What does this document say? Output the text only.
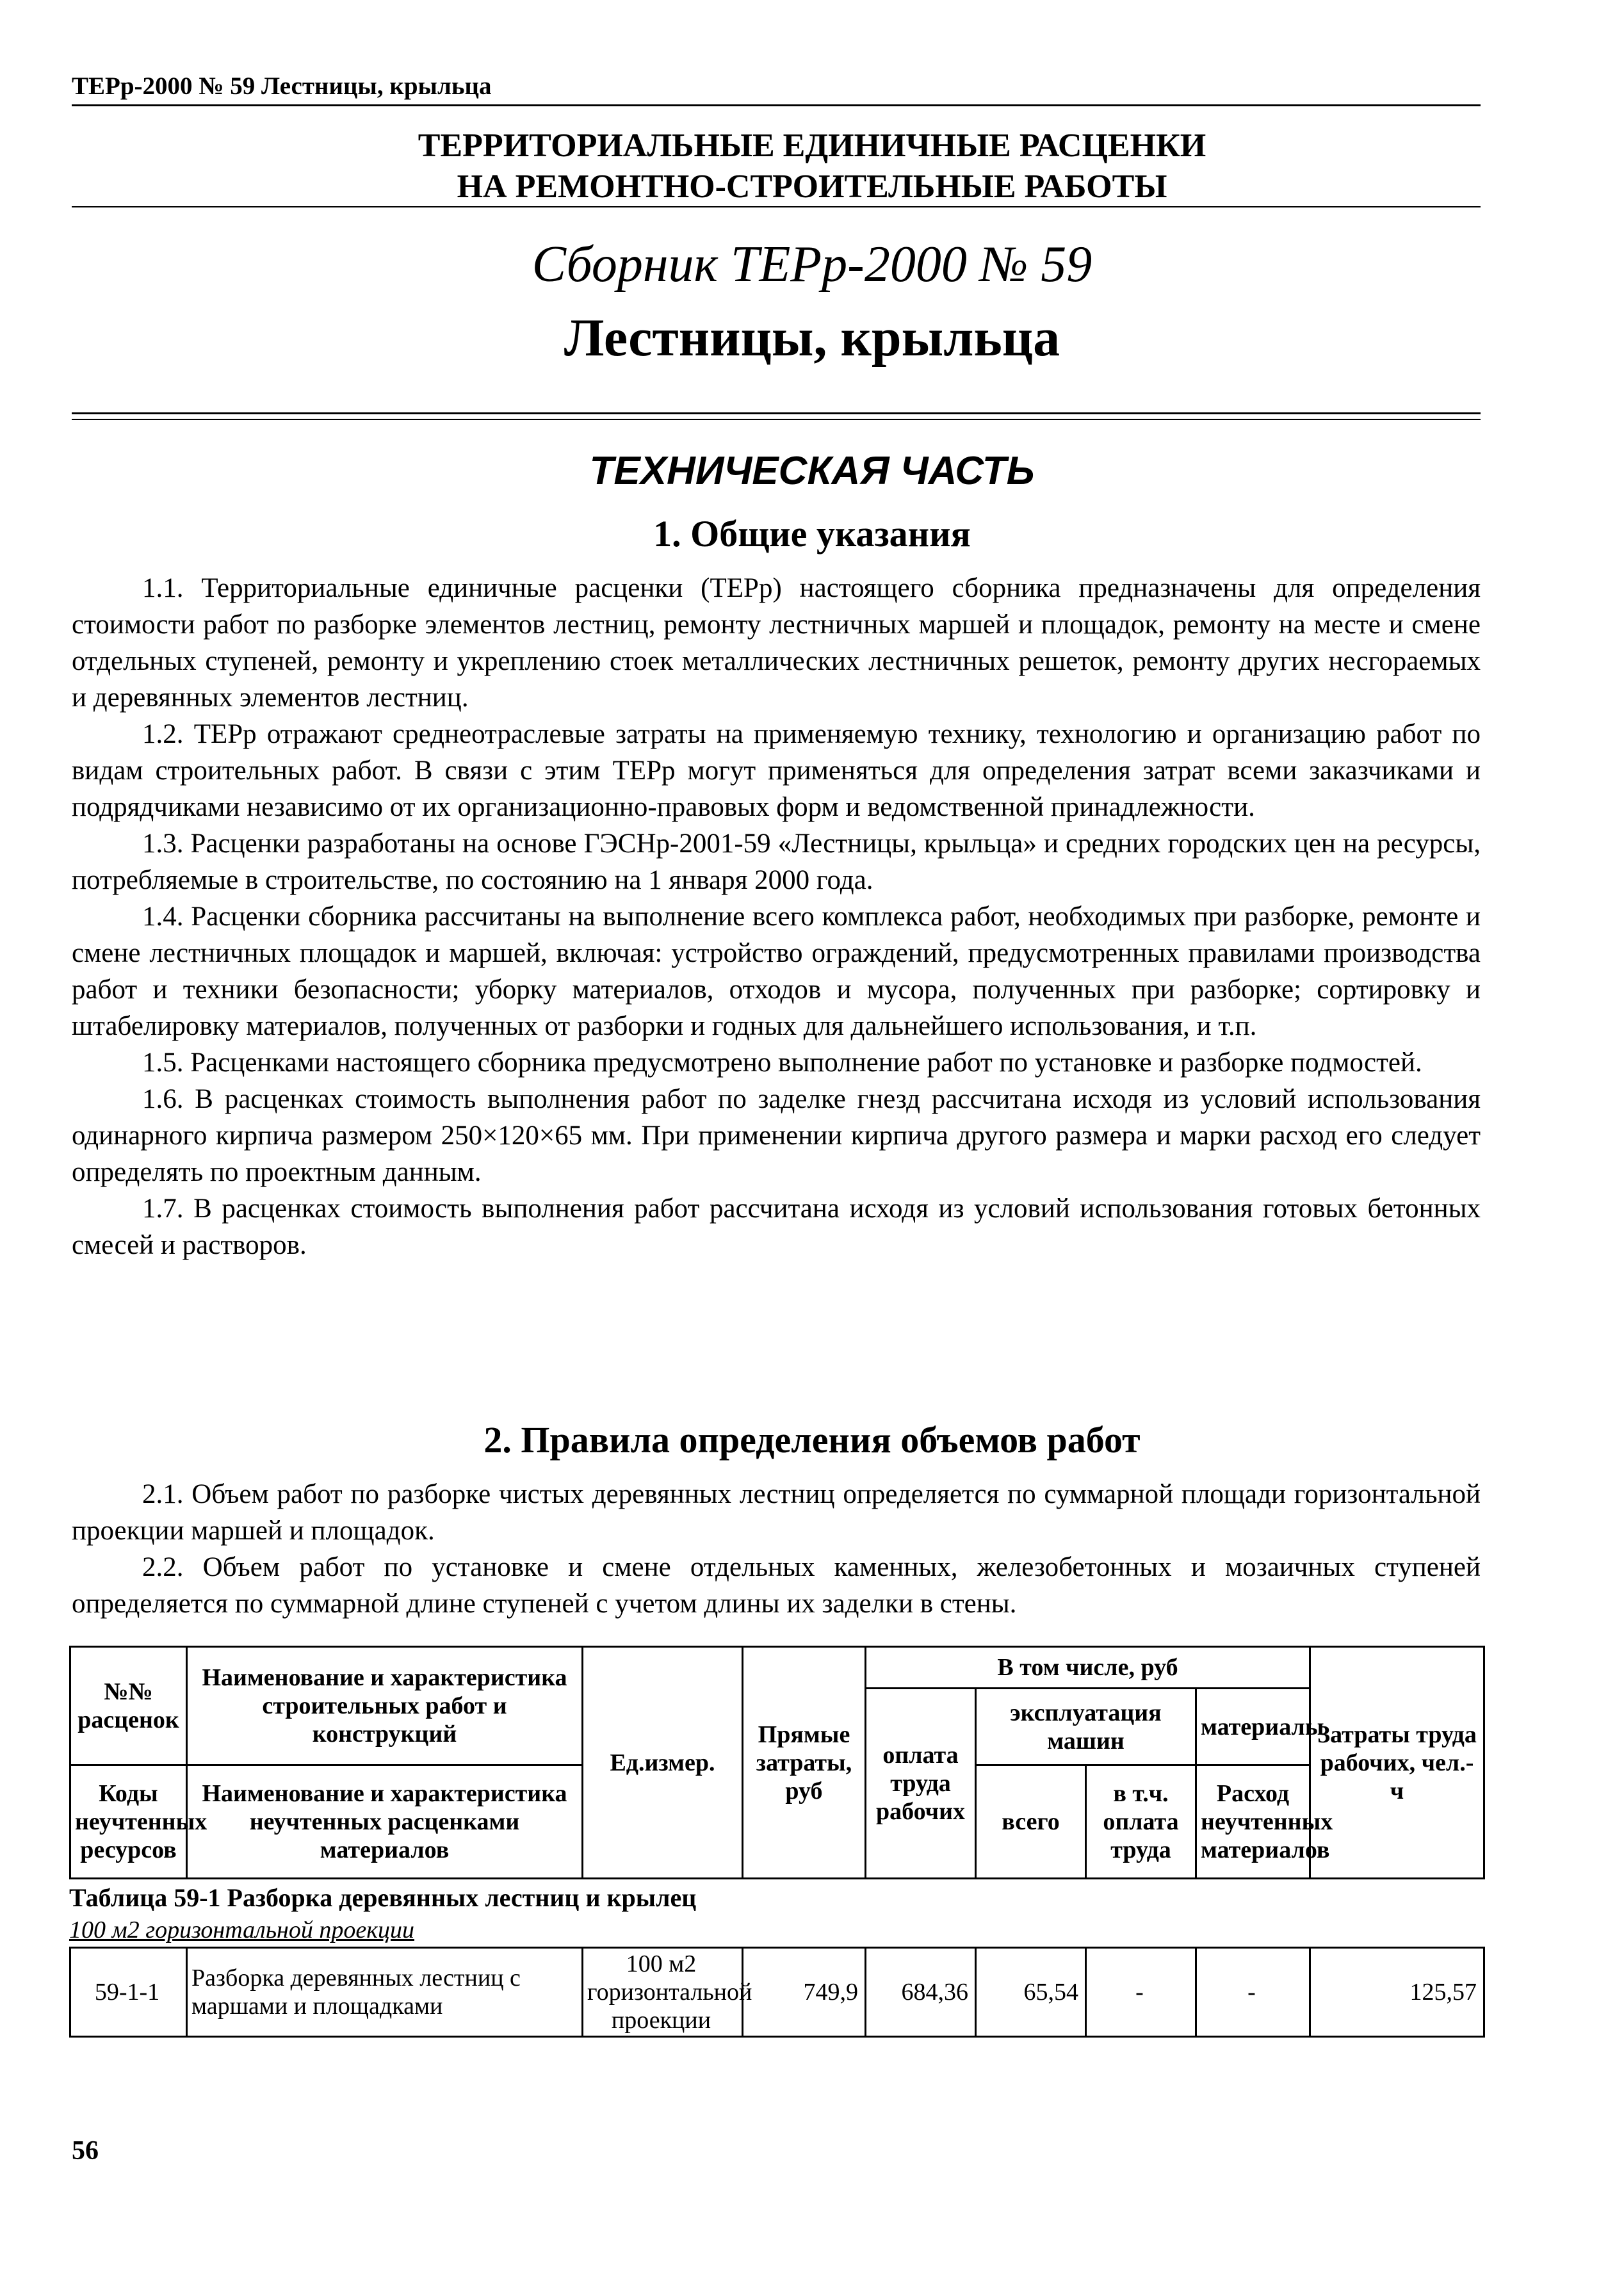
ТЕРр-2000 № 59 Лестницы, крыльца
ТЕРРИТОРИАЛЬНЫЕ ЕДИНИЧНЫЕ РАСЦЕНКИ
НА РЕМОНТНО-СТРОИТЕЛЬНЫЕ РАБОТЫ
Сборник ТЕРр-2000 № 59
Лестницы, крыльца
ТЕХНИЧЕСКАЯ ЧАСТЬ
1. Общие указания

1.1. Территориальные единичные расценки (ТЕРр) настоящего сборника предназначены для определения стоимости работ по разборке элементов лестниц, ремонту лестничных маршей и площадок, ремонту на месте и смене отдельных ступеней, ремонту и укреплению стоек металлических лестничных решеток, ремонту других несгораемых и деревянных элементов лестниц.

1.2. ТЕРр отражают среднеотраслевые затраты на применяемую технику, технологию и организацию работ по видам строительных работ. В связи с этим ТЕРр могут применяться для определения затрат всеми заказчиками и подрядчиками независимо от их организационно-правовых форм и ведомственной принадлежности.

1.3. Расценки разработаны на основе ГЭСНр-2001-59 «Лестницы, крыльца» и средних городских цен на ресурсы, потребляемые в строительстве, по состоянию на 1 января 2000 года.

1.4. Расценки сборника рассчитаны на выполнение всего комплекса работ, необходимых при разборке, ремонте и смене лестничных площадок и маршей, включая: устройство ограждений, предусмотренных правилами производства работ и техники безопасности; уборку материалов, отходов и мусора, полученных при разборке; сортировку и штабелировку материалов, полученных от разборки и годных для дальнейшего использования, и т.п.

1.5. Расценками настоящего сборника предусмотрено выполнение работ по установке и разборке подмостей.

1.6. В расценках стоимость выполнения работ по заделке гнезд рассчитана исходя из условий использования одинарного кирпича размером 250×120×65 мм. При применении кирпича другого размера и марки расход его следует определять по проектным данным.

1.7. В расценках стоимость выполнения работ рассчитана исходя из условий использования готовых бетонных смесей и растворов.

2. Правила определения объемов работ

2.1. Объем работ по разборке чистых деревянных лестниц определяется по суммарной площади горизонтальной проекции маршей и площадок.

2.2. Объем работ по установке и смене отдельных каменных, железобетонных и мозаичных ступеней определяется по суммарной длине ступеней с учетом длины их заделки в стены.

№№ расценок	Наименование и характеристика строительных работ и конструкций	Ед.измер.	Прямые затраты, руб	В том числе, руб				Затраты труда рабочих, чел.-ч
				оплата труда рабочих	эксплуатация машин		материалы	
Коды неучтенных ресурсов	Наименование и характеристика неучтенных расценками материалов				всего	в т.ч. оплата труда	Расход неучтенных материалов	

Таблица 59-1 Разборка деревянных лестниц и крылец
100 м2 горизонтальной проекции
59-1-1	Разборка деревянных лестниц с маршами и площадками	100 м2 горизонтальной проекции	749,9	684,36	65,54	-	-	125,57
56
